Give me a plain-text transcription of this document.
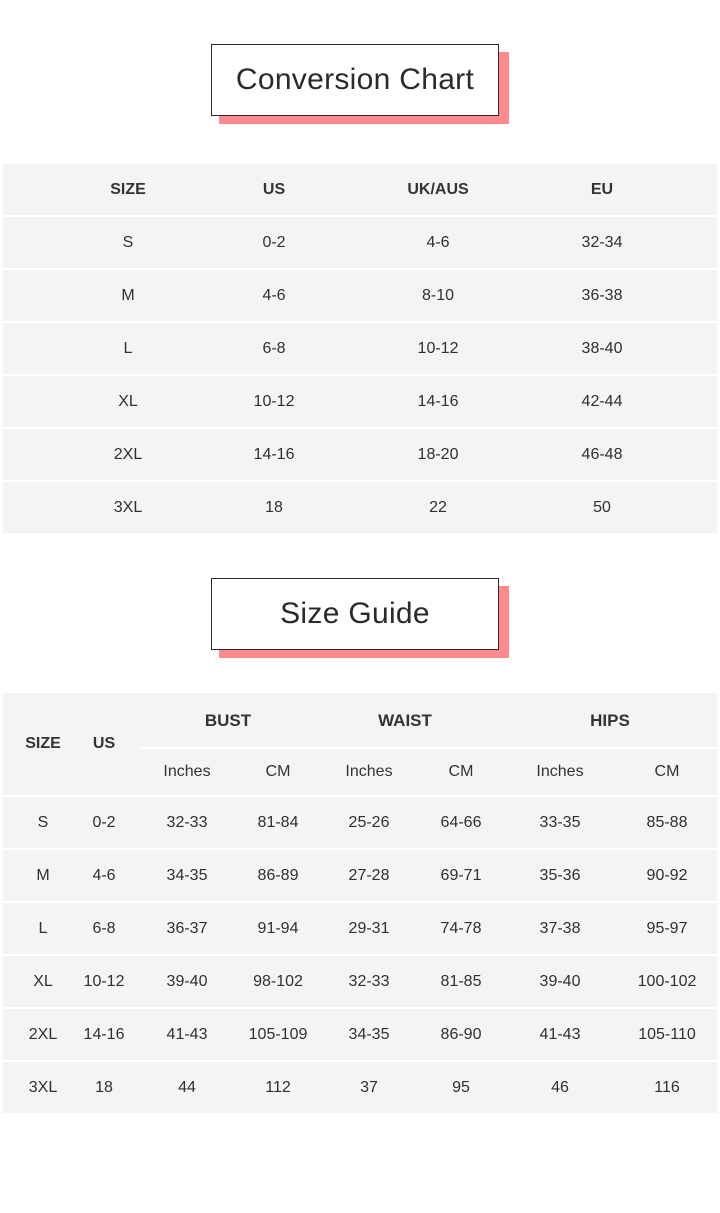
Conversion Chart
SIZE	US	UK/AUS	EU
S	0-2	4-6	32-34
M	4-6	8-10	36-38
L	6-8	10-12	38-40
XL	10-12	14-16	42-44
2XL	14-16	18-20	46-48
3XL	18	22	50
Size Guide
SIZE US
BUST	WAIST	HIPS
Inches	CM	Inches	CM	Inches	CM
S	0-2	32-33	81-84	25-26	64-66	33-35	85-88
M	4-6	34-35	86-89	27-28	69-71	35-36	90-92
L	6-8	36-37	91-94	29-31	74-78	37-38	95-97
XL 10-12	39-40	98-102	32-33	81-85	39-40	100-102
2XL 14-16	41-43	105-109	34-35	86-90	41-43	105-110
3XL 18	44	112	37	95	46	116
